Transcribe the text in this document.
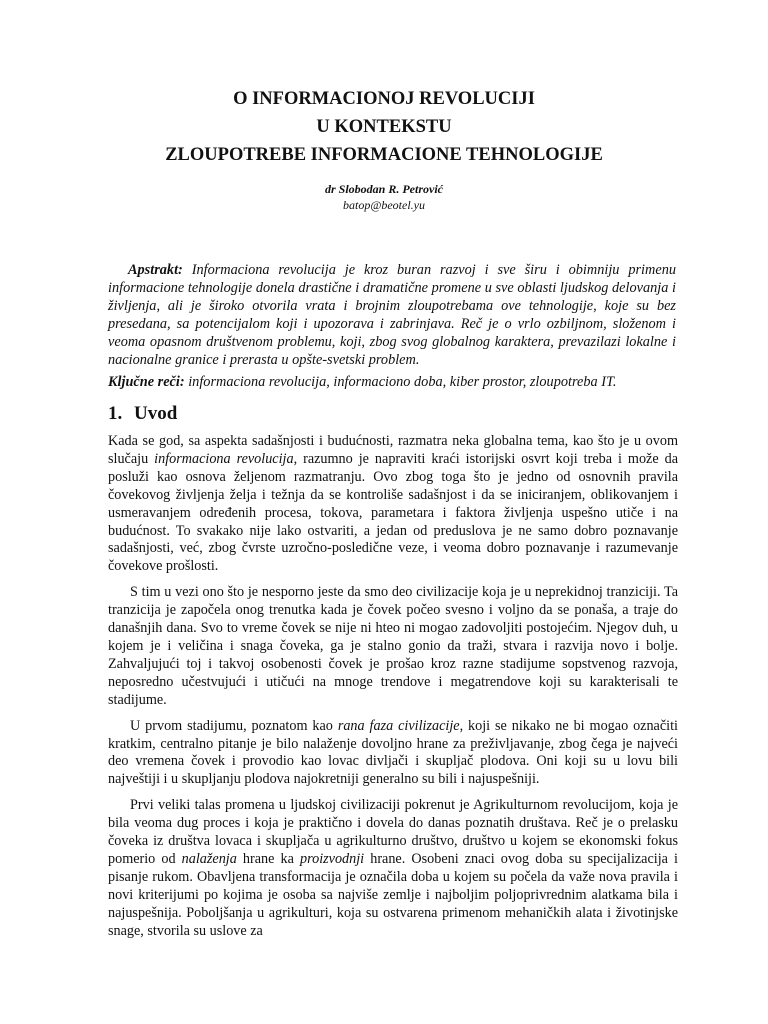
O INFORMACIONOJ REVOLUCIJI
U KONTEKSTU
ZLOUPOTREBE INFORMACIONE TEHNOLOGIJE
dr Slobodan R. Petrović
batop@beotel.yu

Apstrakt: Informaciona revolucija je kroz buran razvoj i sve širu i obimniju primenu informacione tehnologije donela drastične i dramatične promene u sve oblasti ljudskog delovanja i življenja, ali je široko otvorila vrata i brojnim zloupotrebama ove tehnologije, koje su bez presedana, sa potencijalom koji i upozorava i zabrinjava. Reč je o vrlo ozbiljnom, složenom i veoma opasnom društvenom problemu, koji, zbog svog globalnog karaktera, prevazilazi lokalne i nacionalne granice i prerasta u opšte-svetski problem.

Ključne reči: informaciona revolucija, informaciono doba, kiber prostor, zloupotreba IT.
1. Uvod

Kada se god, sa aspekta sadašnjosti i budućnosti, razmatra neka globalna tema, kao što je u ovom slučaju informaciona revolucija, razumno je napraviti kraći istorijski osvrt koji treba i može da posluži kao osnova željenom razmatranju. Ovo zbog toga što je jedno od osnovnih pravila čovekovog življenja želja i težnja da se kontroliše sadašnjost i da se iniciranjem, oblikovanjem i usmeravanjem određenih procesa, tokova, parametara i faktora življenja uspešno utiče i na budućnost. To svakako nije lako ostvariti, a jedan od preduslova je ne samo dobro poznavanje sadašnjosti, već, zbog čvrste uzročno-posledične veze, i veoma dobro poznavanje i razumevanje čovekove prošlosti.

S tim u vezi ono što je nesporno jeste da smo deo civilizacije koja je u neprekidnoj tranziciji. Ta tranzicija je započela onog trenutka kada je čovek počeo svesno i voljno da se ponaša, a traje do današnjih dana. Svo to vreme čovek se nije ni hteo ni mogao zadovoljiti postojećim. Njegov duh, u kojem je i veličina i snaga čoveka, ga je stalno gonio da traži, stvara i razvija novo i bolje. Zahvaljujući toj i takvoj osobenosti čovek je prošao kroz razne stadijume sopstvenog razvoja, neposredno učestvujući i utičući na mnoge trendove i megatrendove koji su karakterisali te stadijume.

U prvom stadijumu, poznatom kao rana faza civilizacije, koji se nikako ne bi mogao označiti kratkim, centralno pitanje je bilo nalaženje dovoljno hrane za preživljavanje, zbog čega je najveći deo vremena čovek i provodio kao lovac divljači i skupljač plodova. Oni koji su u lovu bili najveštiji i u skupljanju plodova najokretniji generalno su bili i najuspešniji.

Prvi veliki talas promena u ljudskoj civilizaciji pokrenut je Agrikulturnom revolucijom, koja je bila veoma dug proces i koja je praktično i dovela do danas poznatih društava. Reč je o prelasku čoveka iz društva lovaca i skupljača u agrikulturno društvo, društvo u kojem se ekonomski fokus pomerio od nalaženja hrane ka proizvodnji hrane. Osobeni znaci ovog doba su specijalizacija i pisanje rukom. Obavljena transformacija je označila doba u kojem su počela da važe nova pravila i novi kriterijumi po kojima je osoba sa najviše zemlje i najboljim poljoprivrednim alatkama bila i najuspešnija. Poboljšanja u agrikulturi, koja su ostvarena primenom mehaničkih alata i životinjske snage, stvorila su uslove za
